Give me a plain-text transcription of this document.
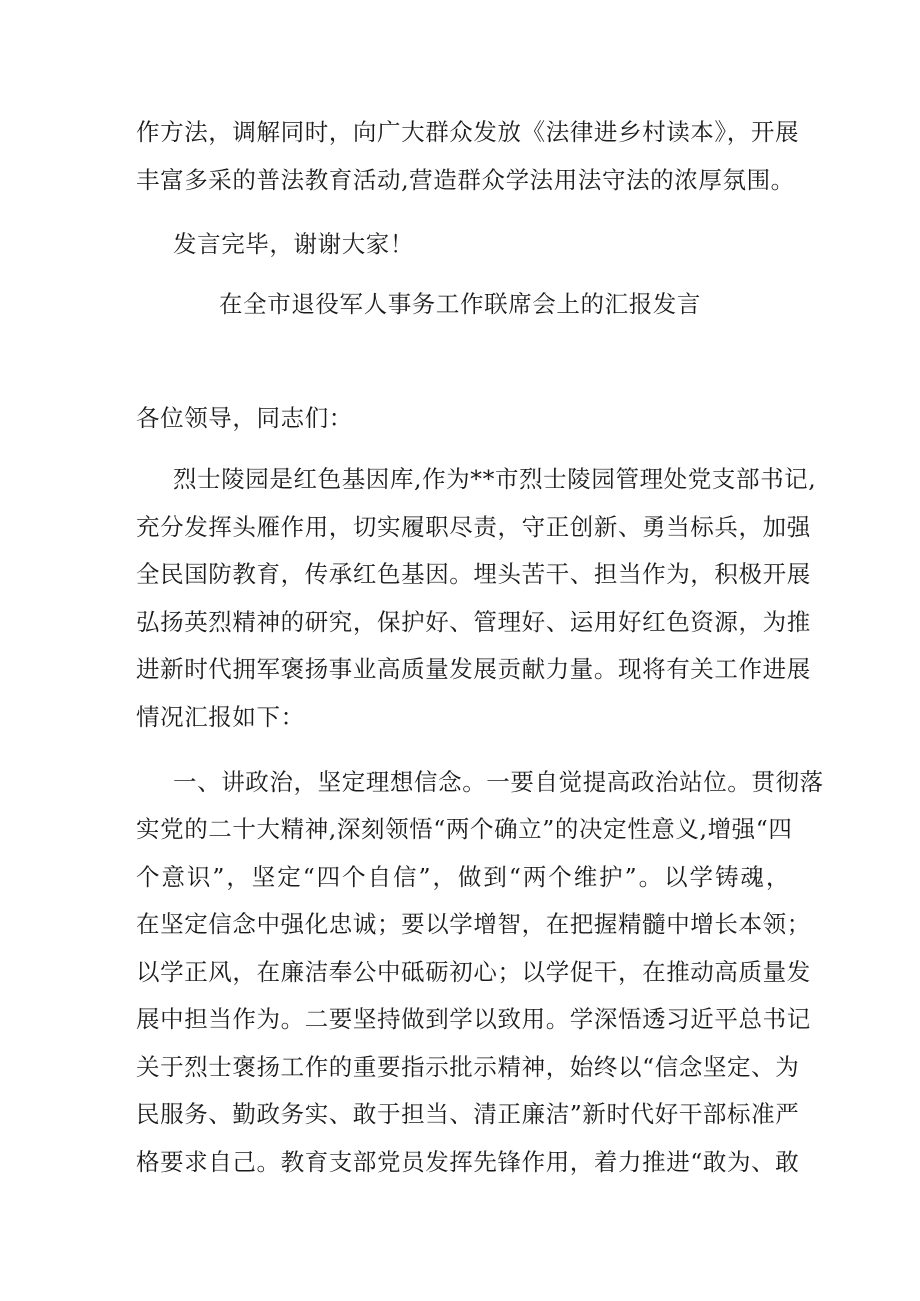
作方法，调解同时，向广大群众发放《法律进乡村读本》，开展
丰富多采的普法教育活动,营造群众学法用法守法的浓厚氛围。
发言完毕，谢谢大家！
在全市退役军人事务工作联席会上的汇报发言
各位领导，同志们：
烈士陵园是红色基因库,作为**市烈士陵园管理处党支部书记,
充分发挥头雁作用，切实履职尽责，守正创新、勇当标兵，加强
全民国防教育，传承红色基因。埋头苦干、担当作为，积极开展
弘扬英烈精神的研究，保护好、管理好、运用好红色资源，为推
进新时代拥军褒扬事业高质量发展贡献力量。现将有关工作进展
情况汇报如下：
一、讲政治，坚定理想信念。一要自觉提高政治站位。贯彻落
实党的二十大精神,深刻领悟“两个确立”的决定性意义,增强“四
个意识”，坚定“四个自信”，做到“两个维护”。以学铸魂，
在坚定信念中强化忠诚；要以学增智，在把握精髓中增长本领；
以学正风，在廉洁奉公中砥砺初心；以学促干，在推动高质量发
展中担当作为。二要坚持做到学以致用。学深悟透习近平总书记
关于烈士褒扬工作的重要指示批示精神，始终以“信念坚定、为
民服务、勤政务实、敢于担当、清正廉洁”新时代好干部标准严
格要求自己。教育支部党员发挥先锋作用，着力推进“敢为、敢
